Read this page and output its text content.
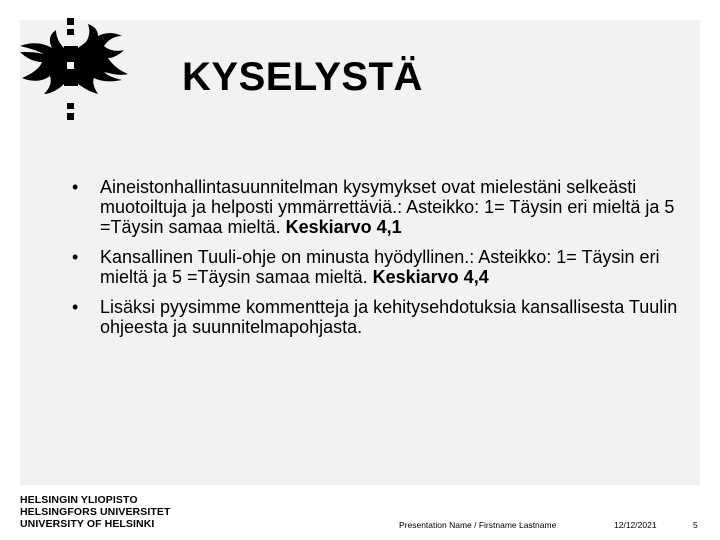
KYSELYSTÄ
• Aineistonhallintasuunnitelman kysymykset ovat mielestäni selkeästi muotoiltuja ja helposti ymmärrettäviä.: Asteikko: 1= Täysin eri mieltä ja 5 =Täysin samaa mieltä. Keskiarvo 4,1
• Kansallinen Tuuli-ohje on minusta hyödyllinen.: Asteikko: 1= Täysin eri mieltä ja 5 =Täysin samaa mieltä. Keskiarvo 4,4
• Lisäksi pyysimme kommentteja ja kehitysehdotuksia kansallisesta Tuulin ohjeesta ja suunnitelmapohjasta.
HELSINGIN YLIOPISTO
HELSINGFORS UNIVERSITET
UNIVERSITY OF HELSINKI	Presentation Name / Firstname Lastname	12/12/2021	5
